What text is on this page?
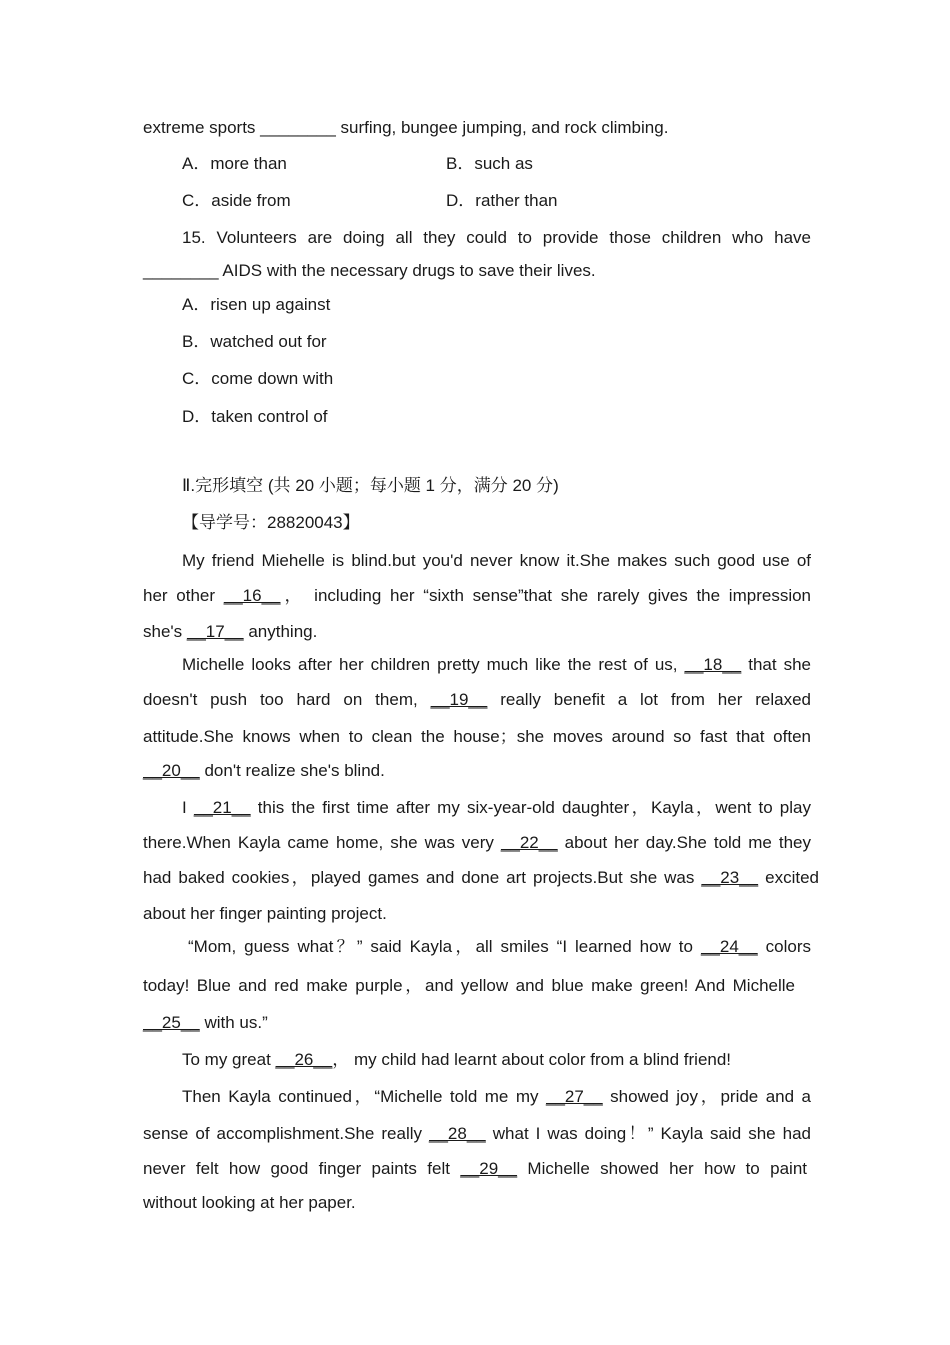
extreme sports ________ surfing, bungee jumping, and rock climbing.
A．more than	B．such as
C．aside from	D．rather than
15. Volunteers are doing all they could to provide those children who have
________ AIDS with the necessary drugs to save their lives.
A．risen up against
B．watched out for
C．come down with
D．taken control of
Ⅱ.完形填空 (共 20 小题；每小题 1 分，满分 20 分)
【导学号：28820043】
My friend Miehelle is blind.but you'd never know it.She makes such good use of
her other __16__， including her “sixth sense”that she rarely gives the impression
she's __17__ anything.
Michelle looks after her children pretty much like the rest of us, __18__ that she
doesn't push too hard on them, __19__ really benefit a lot from her relaxed
attitude.She knows when to clean the house；she moves around so fast that often
__20__ don't realize she's blind.
I __21__ this the first time after my six-year-old daughter，Kayla，went to play
there.When Kayla came home, she was very __22__ about her day.She told me they
had baked cookies，played games and done art projects.But she was __23__ excited
about her finger painting project.
“Mom, guess what？” said Kayla，all smiles “I learned how to __24__ colors
today! Blue and red make purple，and yellow and blue make green! And Michelle
__25__ with us.”
To my great __26__， my child had learnt about color from a blind friend!
Then Kayla continued，“Michelle told me my __27__ showed joy，pride and a
sense of accomplishment.She really __28__ what I was doing！” Kayla said she had
never felt how good finger paints felt __29__ Michelle showed her how to paint
without looking at her paper.
